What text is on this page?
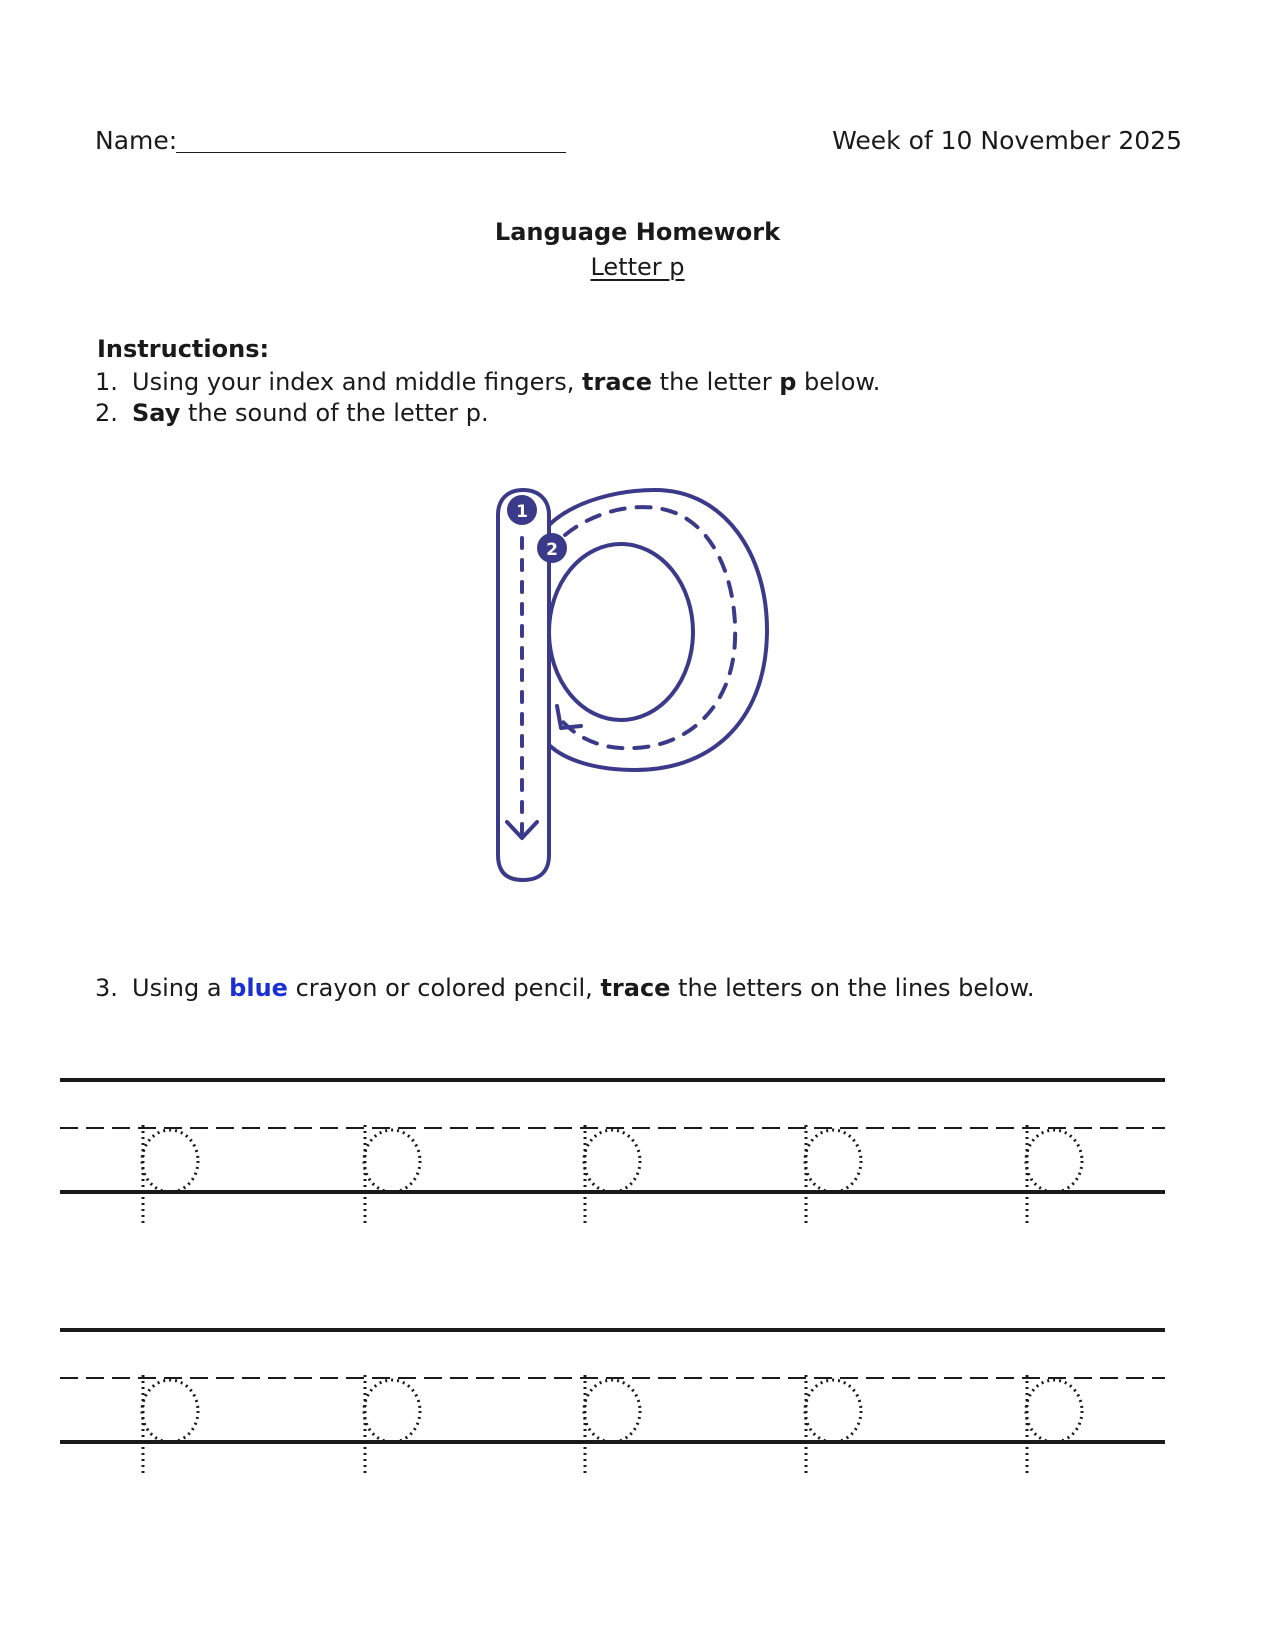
Name:	Week of 10 November 2025
Language Homework
Letter p
Instructions:
1. Using your index and middle fingers, trace the letter p below.
2. Say the sound of the letter p.
1
2
3. Using a blue crayon or colored pencil, trace the letters on the lines below.
